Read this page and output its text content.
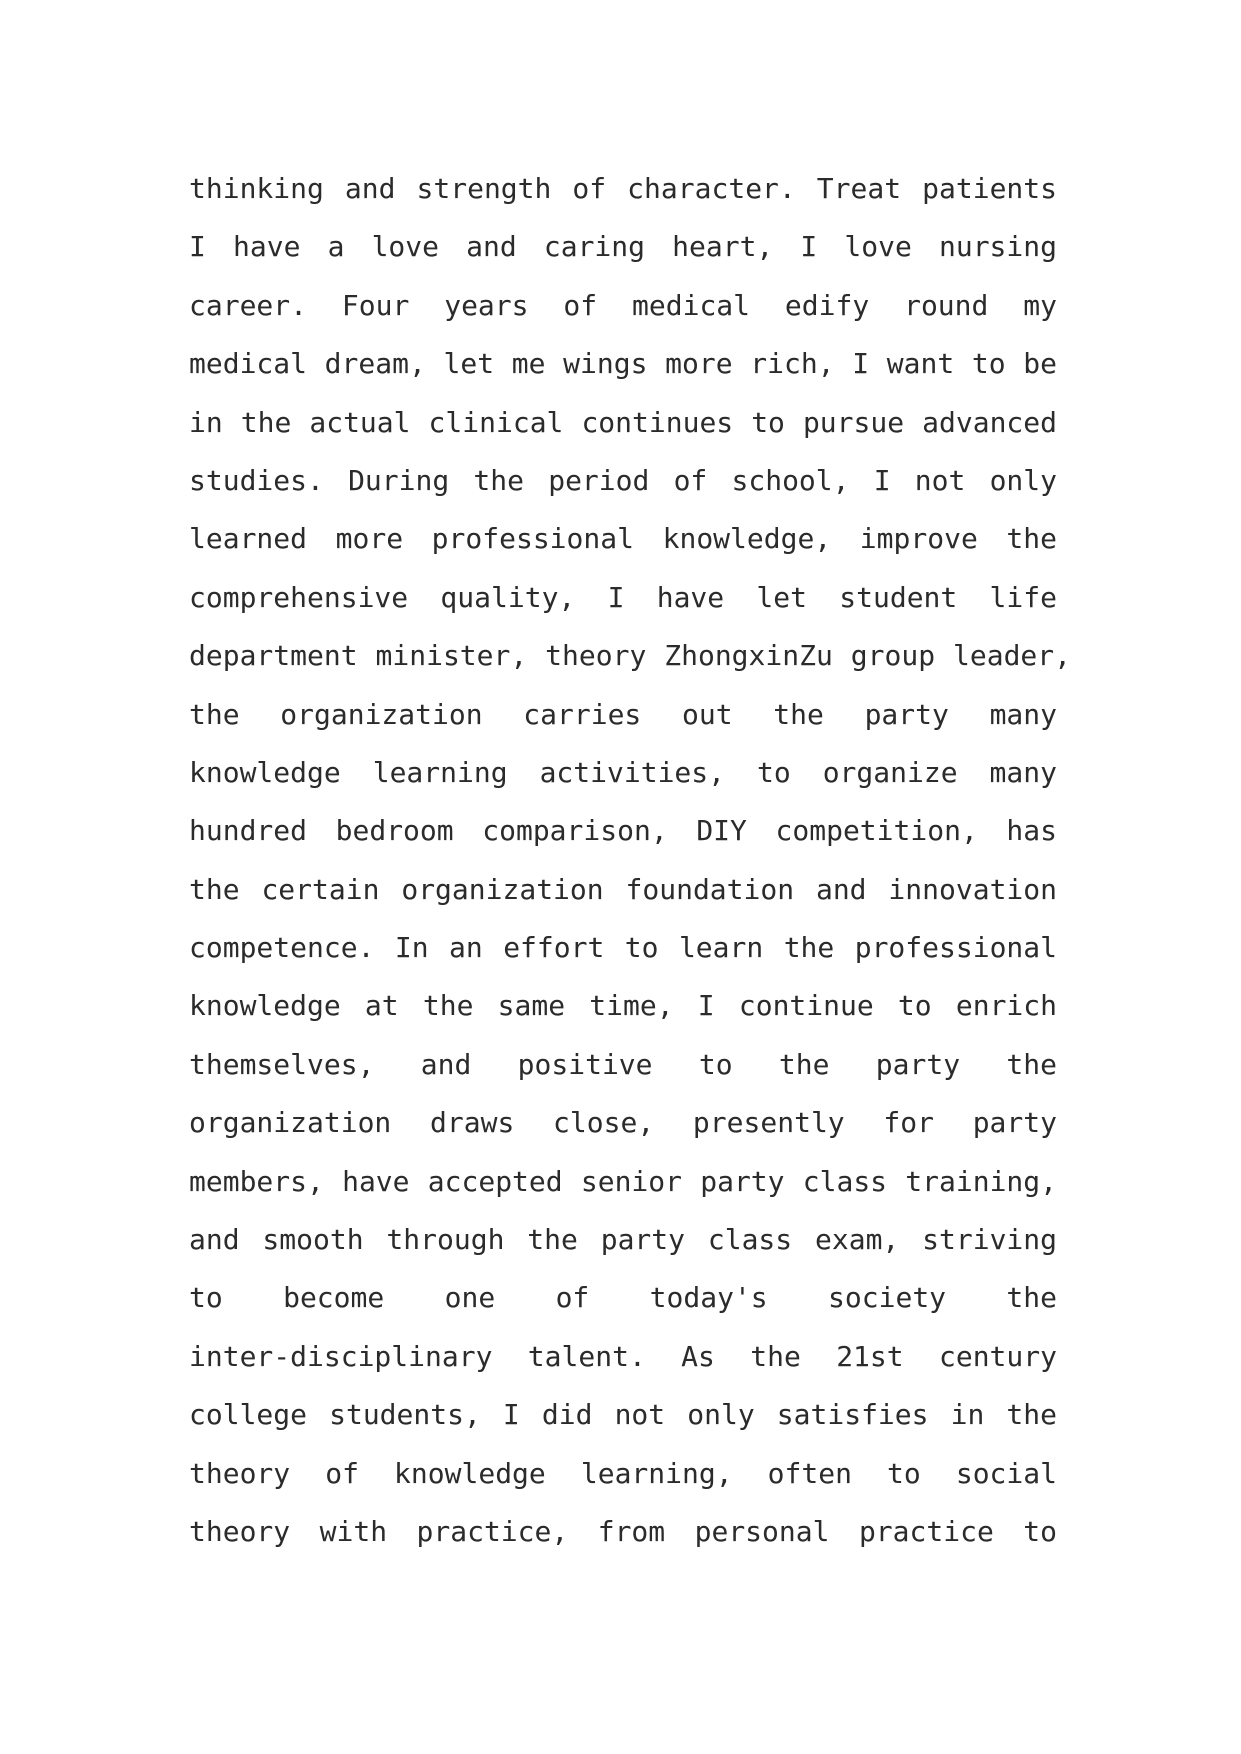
thinking and strength of character. Treat patients
I have a love and caring heart, I love nursing
career. Four years of medical edify round my
medical dream, let me wings more rich, I want to be
in the actual clinical continues to pursue advanced
studies. During the period of school, I not only
learned more professional knowledge, improve the
comprehensive quality, I have let student life
department minister, theory ZhongxinZu group leader,
the organization carries out the party many
knowledge learning activities, to organize many
hundred bedroom comparison, DIY competition, has
the certain organization foundation and innovation
competence. In an effort to learn the professional
knowledge at the same time, I continue to enrich
themselves, and positive to the party the
organization draws close, presently for party
members, have accepted senior party class training,
and smooth through the party class exam, striving
to become one of today's society the
inter-disciplinary talent. As the 21st century
college students, I did not only satisfies in the
theory of knowledge learning, often to social
theory with practice, from personal practice to
